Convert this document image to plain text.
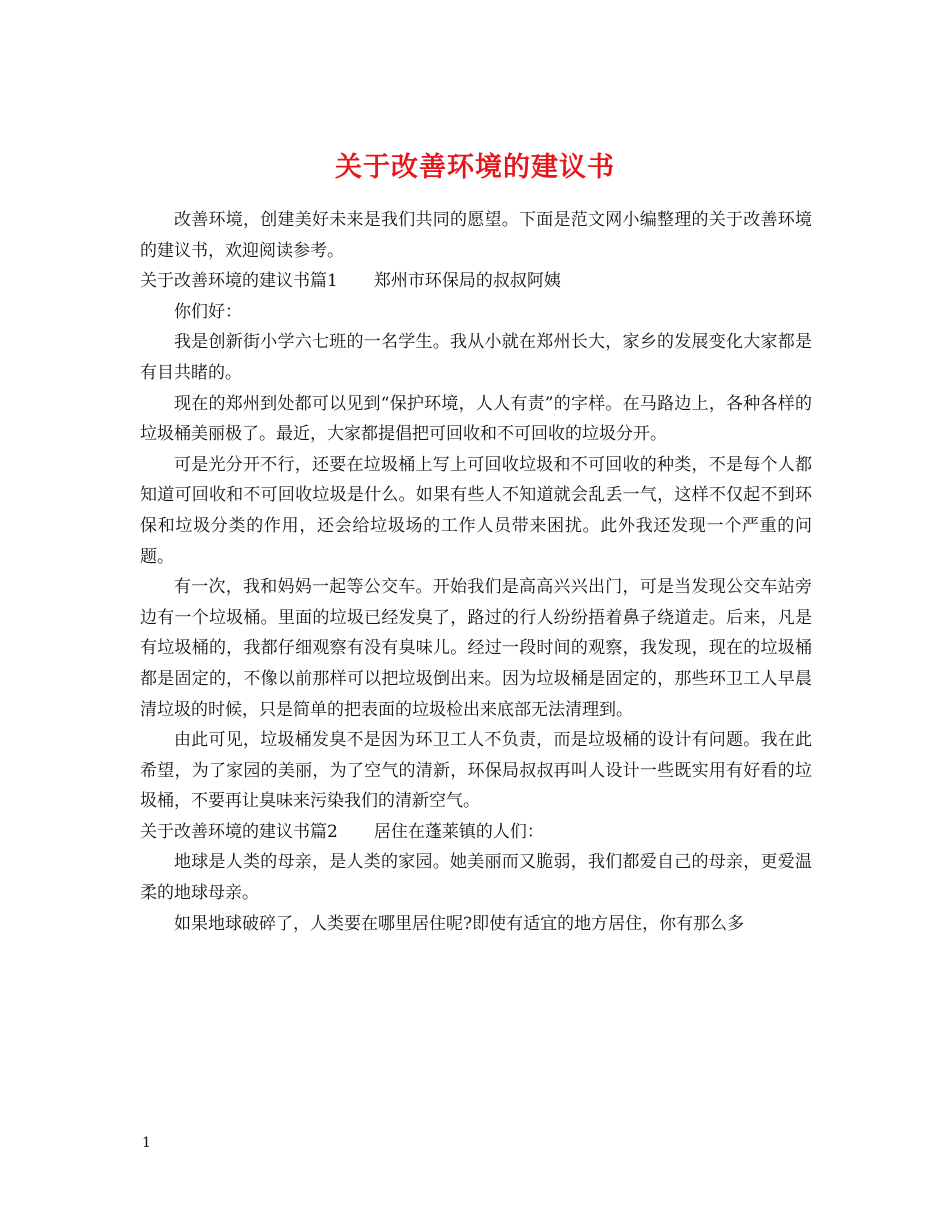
关于改善环境的建议书

改善环境，创建美好未来是我们共同的愿望。下面是范文网小编整理的关于改善环境的建议书，欢迎阅读参考。

关于改善环境的建议书篇1 郑州市环保局的叔叔阿姨

你们好：

我是创新街小学六七班的一名学生。我从小就在郑州长大，家乡的发展变化大家都是有目共睹的。

现在的郑州到处都可以见到“保护环境，人人有责”的字样。在马路边上，各种各样的垃圾桶美丽极了。最近，大家都提倡把可回收和不可回收的垃圾分开。

可是光分开不行，还要在垃圾桶上写上可回收垃圾和不可回收的种类，不是每个人都知道可回收和不可回收垃圾是什么。如果有些人不知道就会乱丢一气，这样不仅起不到环保和垃圾分类的作用，还会给垃圾场的工作人员带来困扰。此外我还发现一个严重的问题。

有一次，我和妈妈一起等公交车。开始我们是高高兴兴出门，可是当发现公交车站旁边有一个垃圾桶。里面的垃圾已经发臭了，路过的行人纷纷捂着鼻子绕道走。后来，凡是有垃圾桶的，我都仔细观察有没有臭味儿。经过一段时间的观察，我发现，现在的垃圾桶都是固定的，不像以前那样可以把垃圾倒出来。因为垃圾桶是固定的，那些环卫工人早晨清垃圾的时候，只是简单的把表面的垃圾检出来底部无法清理到。

由此可见，垃圾桶发臭不是因为环卫工人不负责，而是垃圾桶的设计有问题。我在此希望，为了家园的美丽，为了空气的清新，环保局叔叔再叫人设计一些既实用有好看的垃圾桶，不要再让臭味来污染我们的清新空气。

关于改善环境的建议书篇2 居住在蓬莱镇的人们：

地球是人类的母亲，是人类的家园。她美丽而又脆弱，我们都爱自己的母亲，更爱温柔的地球母亲。

如果地球破碎了，人类要在哪里居住呢?即使有适宜的地方居住，你有那么多

1
